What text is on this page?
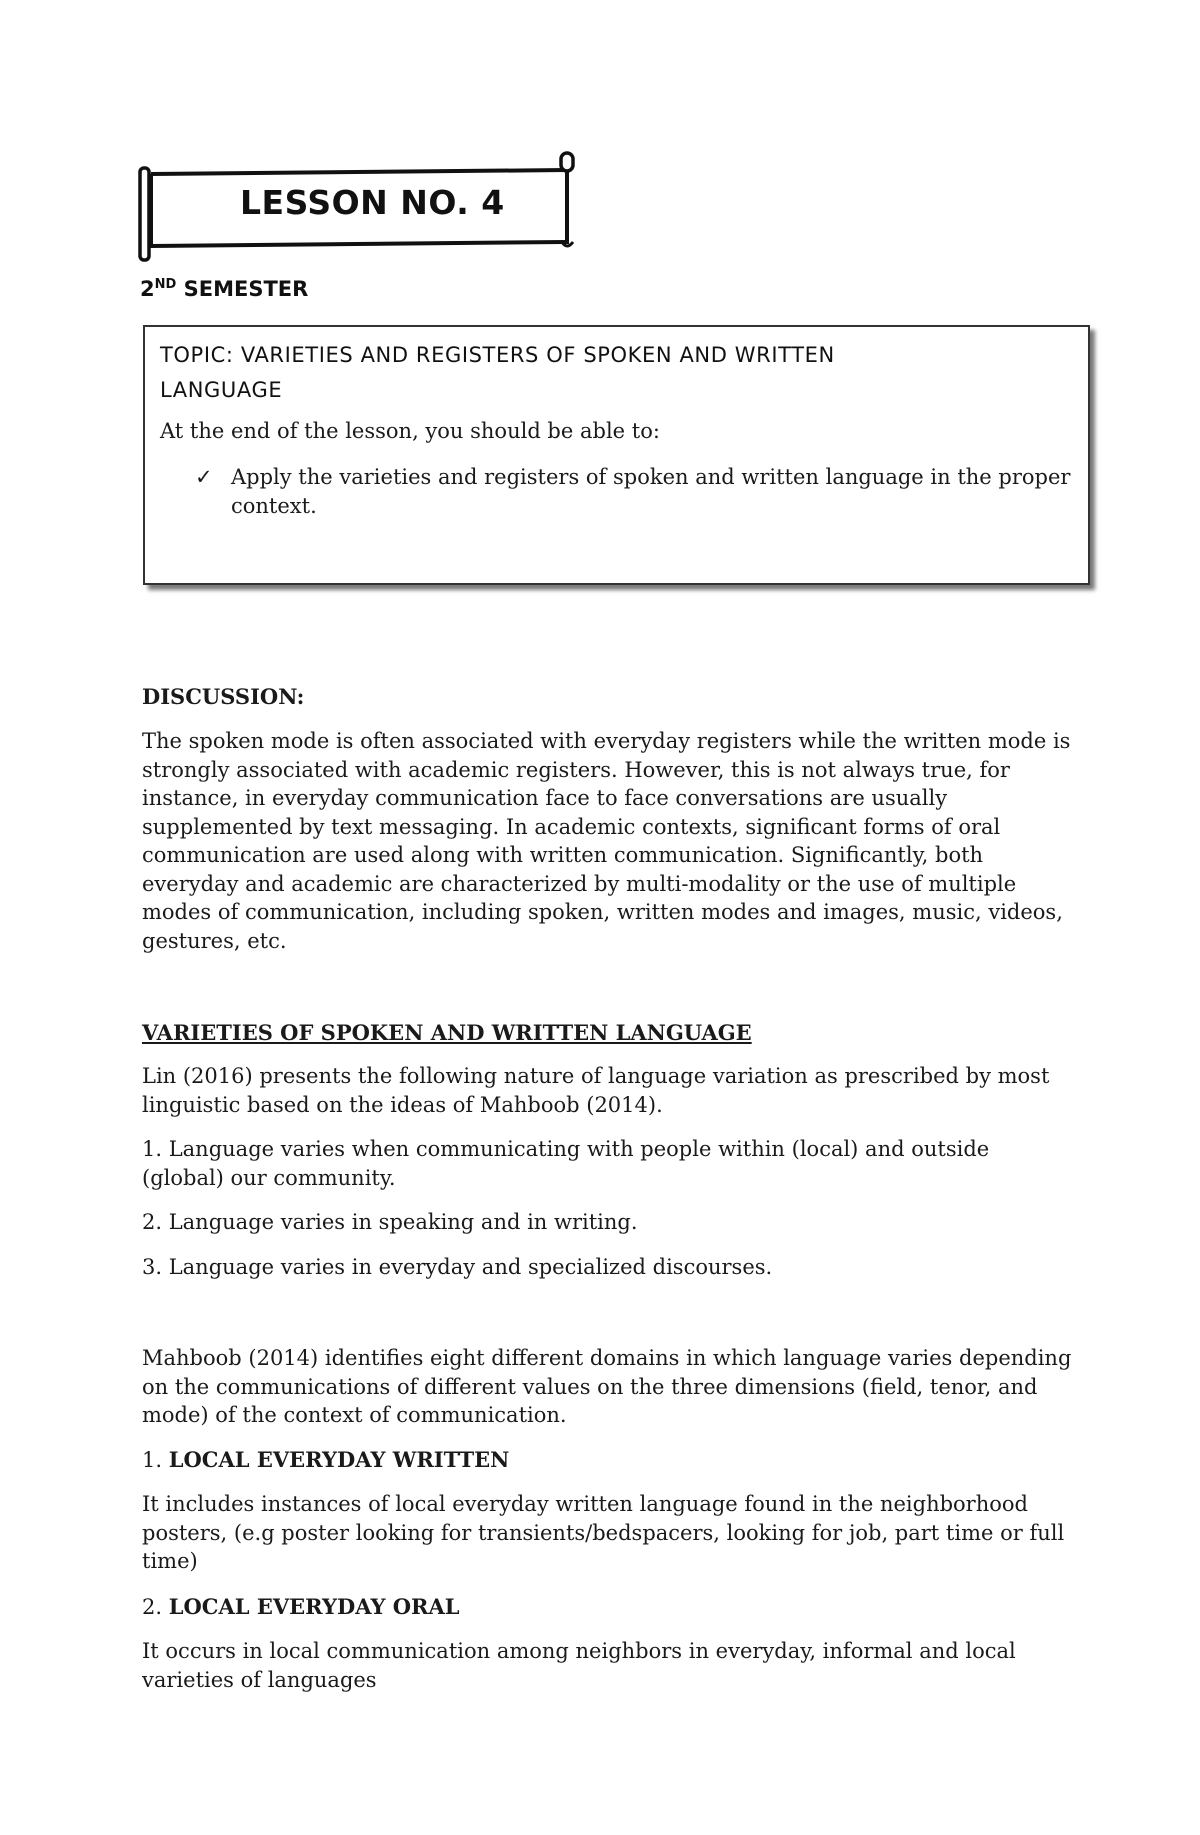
LESSON NO. 4
2ND SEMESTER
TOPIC: VARIETIES AND REGISTERS OF SPOKEN AND WRITTEN LANGUAGE
At the end of the lesson, you should be able to:
✓ Apply the varieties and registers of spoken and written language in the proper context.
DISCUSSION:
The spoken mode is often associated with everyday registers while the written mode is strongly associated with academic registers. However, this is not always true, for instance, in everyday communication face to face conversations are usually supplemented by text messaging. In academic contexts, significant forms of oral communication are used along with written communication. Significantly, both everyday and academic are characterized by multi-modality or the use of multiple modes of communication, including spoken, written modes and images, music, videos, gestures, etc.
VARIETIES OF SPOKEN AND WRITTEN LANGUAGE
Lin (2016) presents the following nature of language variation as prescribed by most linguistic based on the ideas of Mahboob (2014).
1. Language varies when communicating with people within (local) and outside (global) our community.
2. Language varies in speaking and in writing.
3. Language varies in everyday and specialized discourses.
Mahboob (2014) identifies eight different domains in which language varies depending on the communications of different values on the three dimensions (field, tenor, and mode) of the context of communication.
1. LOCAL EVERYDAY WRITTEN
It includes instances of local everyday written language found in the neighborhood posters, (e.g poster looking for transients/bedspacers, looking for job, part time or full time)
2. LOCAL EVERYDAY ORAL
It occurs in local communication among neighbors in everyday, informal and local varieties of languages
